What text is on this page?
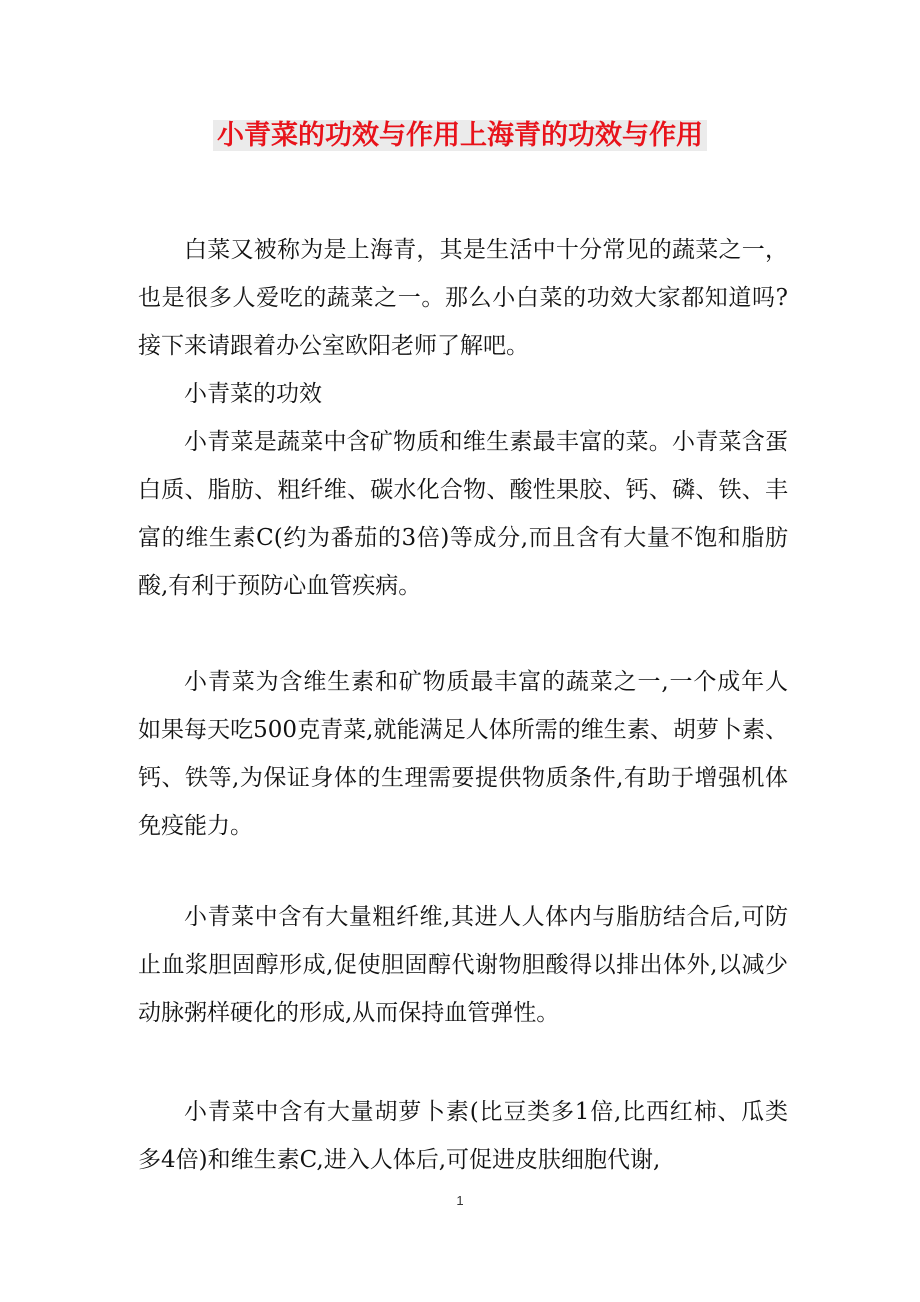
小青菜的功效与作用上海青的功效与作用

白菜又被称为是上海青，其是生活中十分常见的蔬菜之一，也是很多人爱吃的蔬菜之一。那么小白菜的功效大家都知道吗?接下来请跟着办公室欧阳老师了解吧。

小青菜的功效

小青菜是蔬菜中含矿物质和维生素最丰富的菜。小青菜含蛋白质、脂肪、粗纤维、碳水化合物、酸性果胶、钙、磷、铁、丰富的维生素C(约为番茄的3倍)等成分,而且含有大量不饱和脂肪酸,有利于预防心血管疾病。

小青菜为含维生素和矿物质最丰富的蔬菜之一,一个成年人如果每天吃500克青菜,就能满足人体所需的维生素、胡萝卜素、钙、铁等,为保证身体的生理需要提供物质条件,有助于增强机体免疫能力。

小青菜中含有大量粗纤维,其进人人体内与脂肪结合后,可防止血浆胆固醇形成,促使胆固醇代谢物胆酸得以排出体外,以减少动脉粥样硬化的形成,从而保持血管弹性。

小青菜中含有大量胡萝卜素(比豆类多1倍,比西红柿、瓜类多4倍)和维生素C,进入人体后,可促进皮肤细胞代谢,

1
